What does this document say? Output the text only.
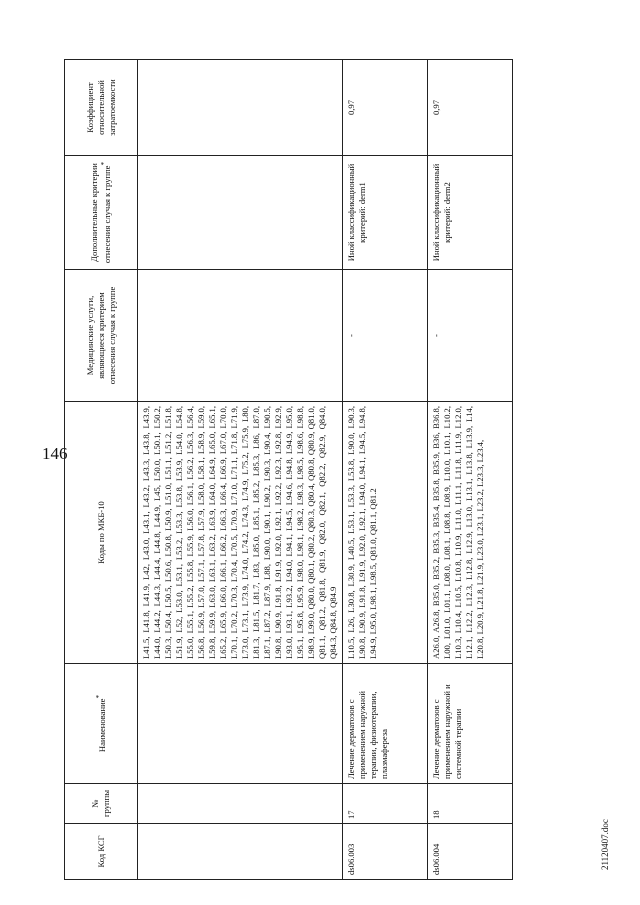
146
Код КСГ	№ группы	Наименование*	Коды по МКБ-10	Медицинские услуги, являющиеся критерием отнесения случая к группе	Дополнительные критерии отнесения случая к группе*	Коэффициент относительной затратоемкости
			L41.5, L41.8, L41.9, L42, L43.0, L43.1, L43.2, L43.3, L43.8, L43.9, L44.0, L44.2, L44.3, L44.4, L44.8, L44.9, L45, L50.0, L50.1, L50.2, L50.3, L50.4, L50.5, L50.6, L50.8, L50.9, L51.0, L51.1, L51.2, L51.8, L51.9, L52, L53.0, L53.1, L53.2, L53.3, L53.8, L53.9, L54.0, L54.8, L55.0, L55.1, L55.2, L55.8, L55.9, L56.0, L56.1, L56.2, L56.3, L56.4, L56.8, L56.9, L57.0, L57.1, L57.8, L57.9, L58.0, L58.1, L58.9, L59.0, L59.8, L59.9, L63.0, L63.1, L63.2, L63.9, L64.0, L64.9, L65.0, L65.1, L65.2, L65.9, L66.0, L66.1, L66.2, L66.3, L66.4, L66.9, L67.0, L70.0, L70.1, L70.2, L70.3, L70.4, L70.5, L70.9, L71.0, L71.1, L71.8, L71.9, L73.0, L73.1, L73.9, L74.0, L74.2, L74.3, L74.9, L75.2, L75.9, L80, L81.3, L81.5, L81.7, L83, L85.0, L85.1, L85.2, L85.3, L86, L87.0, L87.1, L87.2, L87.9, L88, L90.0, L90.1, L90.2, L90.3, L90.4, L90.5, L90.8, L90.9, L91.8, L91.9, L92.0, L92.1, L92.2, L92.3, L92.8, L92.9, L93.0, L93.1, L93.2, L94.0, L94.1, L94.5, L94.6, L94.8, L94.9, L95.0, L95.1, L95.8, L95.9, L98.0, L98.1, L98.2, L98.3, L98.5, L98.6, L98.8, L98.9, L99.0, Q80.0, Q80.1, Q80.2, Q80.3, Q80.4, Q80.8, Q80.9, Q81.0, Q81.1, Q81.2, Q81.8, Q81.9, Q82.0, Q82.1, Q82.2, Q82.9, Q84.0, Q84.3, Q84.8, Q84.9			
ds06.003	17	Лечение дерматозов с применением наружной терапии, физиотерапии, плазмафереза	L10.5, L26, L30.8, L30.9, L40.5, L53.1, L53.3, L53.8, L90.0, L90.3, L90.8, L90.9, L91.8, L91.9, L92.0, L92.1, L94.0, L94.1, L94.5, L94.8, L94.9, L95.0, L98.1, L98.5, Q81.0, Q81.1, Q81.2	-	Иной классификационный критерий: derm1	0,97
ds06.004	18	Лечение дерматозов с применением наружной и системной терапии	A26.0, A26.8, B35.0, B35.2, B35.3, B35.4, B35.8, B35.9, B36, B36.8, L00, L01.0, L01.1, L08.0, L08.1, L08.8, L08.9, L10.0, L10.1, L10.2, L10.3, L10.4, L10.5, L10.8, L10.9, L11.0, L11.1, L11.8, L11.9, L12.0, L12.1, L12.2, L12.3, L12.8, L12.9, L13.0, L13.1, L13.8, L13.9, L14, L20.8, L20.9, L21.8, L21.9, L23.0, L23.1, L23.2, L23.3, L23.4,	-	Иной классификационный критерий: derm2	0,97
21120407.doc
